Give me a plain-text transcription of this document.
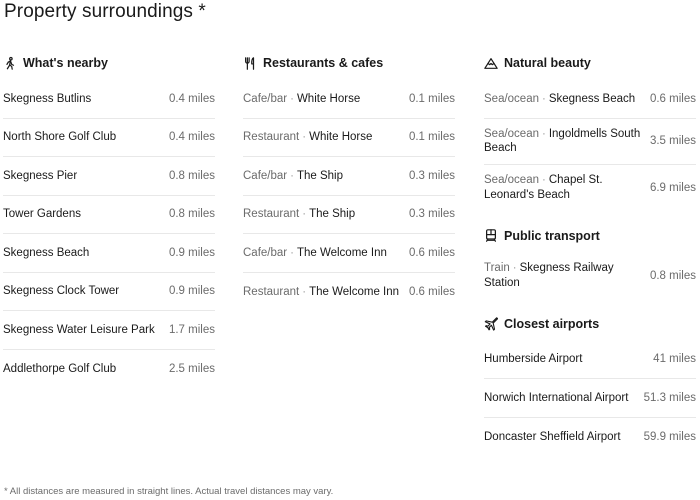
Property surroundings *
What's nearby
Skegness Butlins	0.4 miles
North Shore Golf Club	0.4 miles
Skegness Pier	0.8 miles
Tower Gardens	0.8 miles
Skegness Beach	0.9 miles
Skegness Clock Tower	0.9 miles
Skegness Water Leisure Park	1.7 miles
Addlethorpe Golf Club	2.5 miles
Restaurants & cafes
Cafe/bar · White Horse	0.1 miles
Restaurant · White Horse	0.1 miles
Cafe/bar · The Ship	0.3 miles
Restaurant · The Ship	0.3 miles
Cafe/bar · The Welcome Inn	0.6 miles
Restaurant · The Welcome Inn 0.6 miles
Natural beauty
Sea/ocean · Skegness Beach	0.6 miles
Sea/ocean · Ingoldmells South Beach
3.5 miles
Sea/ocean · Chapel St. Leonard's Beach
6.9 miles
Public transport
Train · Skegness Railway Station
0.8 miles
Closest airports
Humberside Airport	41 miles
Norwich International Airport	51.3 miles
Doncaster Sheffield Airport	59.9 miles
* All distances are measured in straight lines. Actual travel distances may vary.
